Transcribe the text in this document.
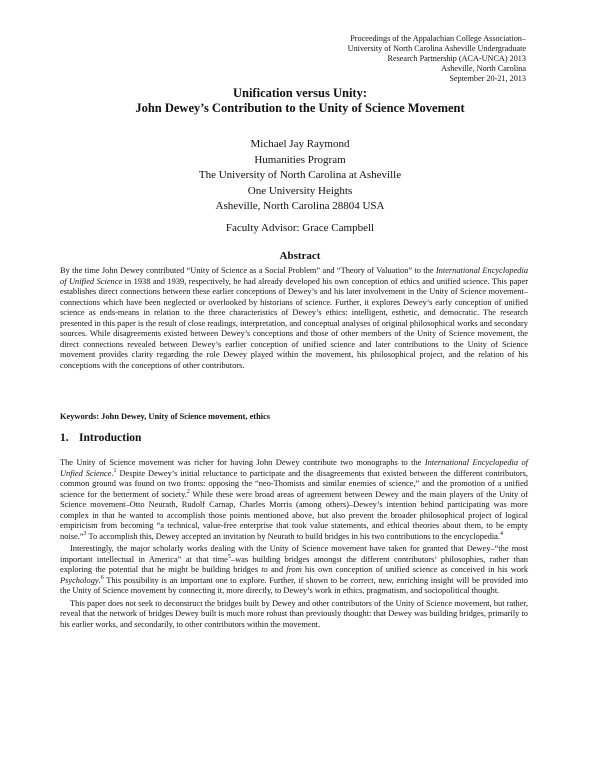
Proceedings of the Appalachian College Association–
University of North Carolina Asheville Undergraduate
Research Partnership (ACA-UNCA) 2013
Asheville, North Carolina
September 20-21, 2013
Unification versus Unity:
John Dewey’s Contribution to the Unity of Science Movement
Michael Jay Raymond
Humanities Program
The University of North Carolina at Asheville
One University Heights
Asheville, North Carolina 28804 USA
Faculty Advisor: Grace Campbell
Abstract

By the time John Dewey contributed “Unity of Science as a Social Problem” and “Theory of Valuation” to the International Encyclopedia of Unified Science in 1938 and 1939, respectively, he had already developed his own conception of ethics and unified science. This paper establishes direct connections between these earlier conceptions of Dewey’s and his later involvement in the Unity of Science movement–connections which have been neglected or overlooked by historians of science. Further, it explores Dewey’s early conception of unified science as ends-means in relation to the three characteristics of Dewey’s ethics: intelligent, esthetic, and democratic. The research presented in this paper is the result of close readings, interpretation, and conceptual analyses of original philosophical works and secondary sources. While disagreements existed between Dewey’s conceptions and those of other members of the Unity of Science movement, the direct connections revealed between Dewey’s earlier conception of unified science and later contributions to the Unity of Science movement provides clarity regarding the role Dewey played within the movement, his philosophical project, and the relation of his conceptions with the conceptions of other contributors.

Keywords: John Dewey, Unity of Science movement, ethics
1. Introduction

The Unity of Science movement was richer for having John Dewey contribute two monographs to the International Encyclopedia of Unfied Science.$^1$ Despite Dewey’s initial reluctance to participate and the disagreements that existed between the different contributors, common ground was found on two fronts: opposing the “neo-Thomists and similar enemies of science,” and the promotion of a unified science for the betterment of society.$^2$ While these were broad areas of agreement between Dewey and the main players of the Unity of Science movement–Otto Neurath, Rudolf Carnap, Charles Morris (among others)–Dewey’s intention behind participating was more complex in that he wanted to accomplish those points mentioned above, but also prevent the broader philosophical project of logical empiricism from becoming “a technical, value-free enterprise that took value statements, and ethical theories about them, to be empty noise.”$^3$ To accomplish this, Dewey accepted an invitation by Neurath to build bridges in his two contributions to the encyclopedia.$^4$

Interestingly, the major scholarly works dealing with the Unity of Science movement have taken for granted that Dewey–“the most important intellectual in America” at that time$^5$–was building bridges amongst the different contributors’ philosophies, rather than exploring the potential that he might be building bridges to and from his own conception of unified science as conceived in his work Psychology.$^6$ This possibility is an important one to explore. Further, if shown to be correct, new, enriching insight will be provided into the Unity of Science movement by connecting it, more directly, to Dewey’s work in ethics, pragmatism, and sociopolitical thought.

This paper does not seek to deconstruct the bridges built by Dewey and other contributors of the Unity of Science movement, but rather, reveal that the network of bridges Dewey built is much more robust than previously thought: that Dewey was building bridges, primarily to his earlier works, and secondarily, to other contributors within the movement.
